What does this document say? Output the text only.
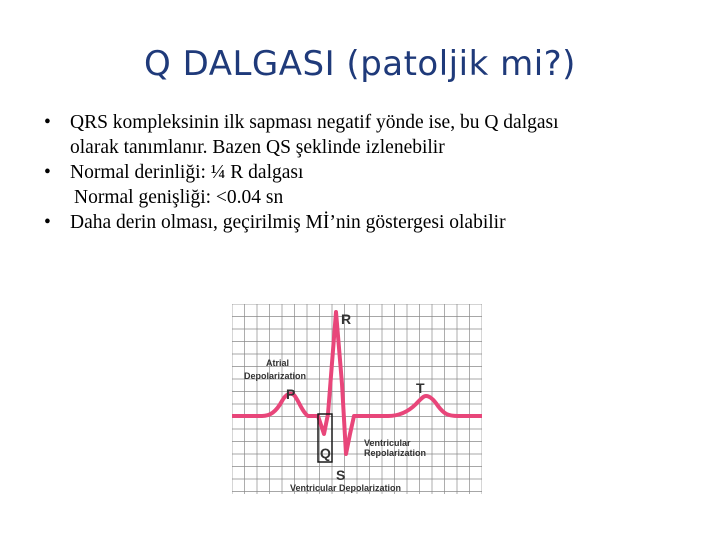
Q DALGASI (patoljik mi?)
• QRS kompleksinin ilk sapması negatif yönde ise, bu Q dalgası
olarak tanımlanır. Bazen QS şeklinde izlenebilir
• Normal derinliği: ¼ R dalgası
Normal genişliği: <0.04 sn
• Daha derin olması, geçirilmiş Mİ’nin göstergesi olabilir
R
P	T
Q
S
Atrial
Depolarization
Ventricular
Repolarization
Ventricular Depolarization
